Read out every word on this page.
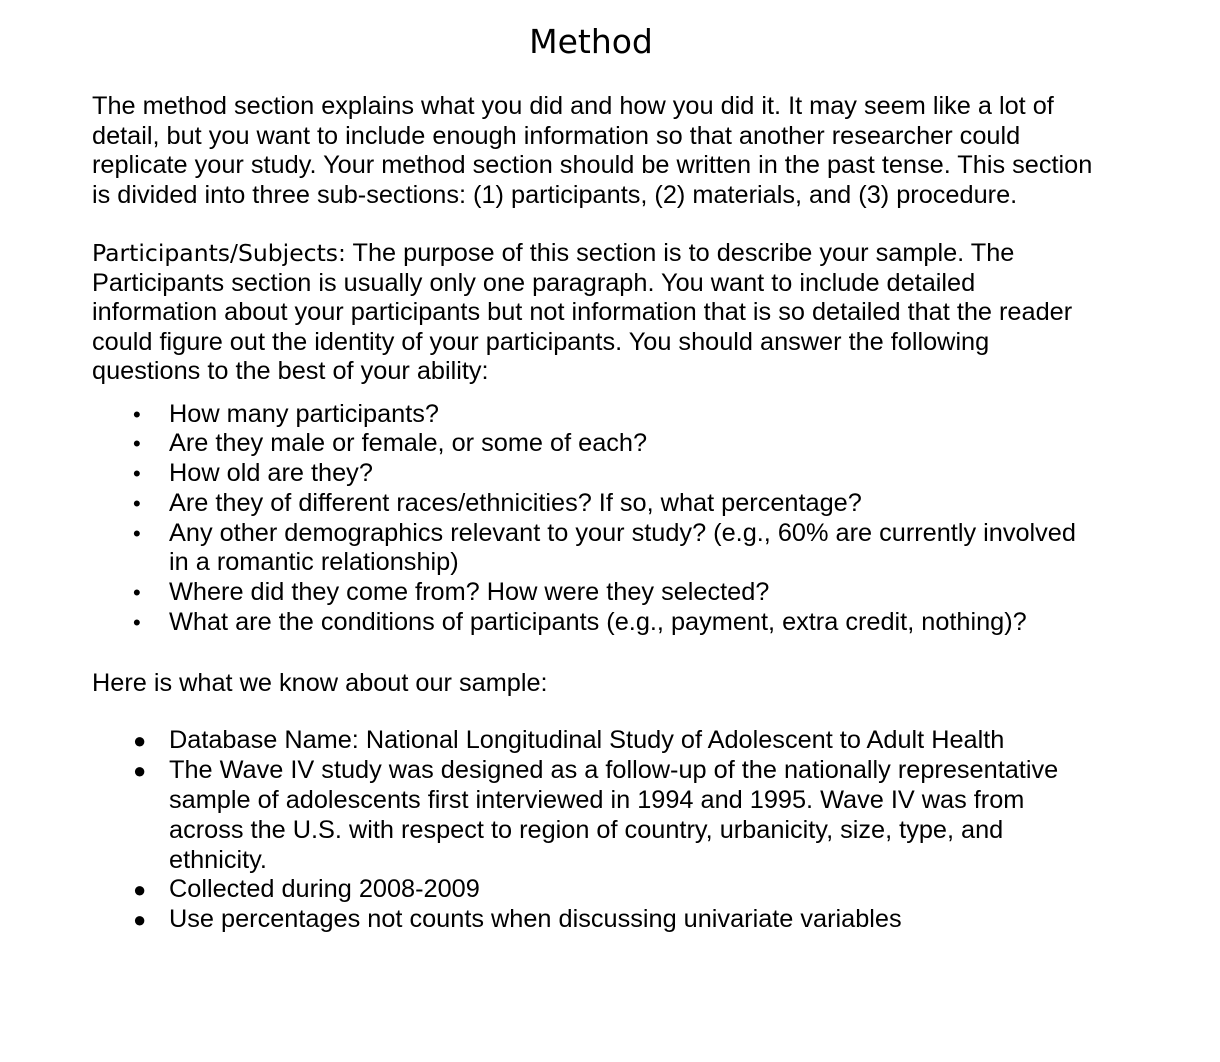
Method

The method section explains what you did and how you did it. It may seem like a lot of detail, but you want to include enough information so that another researcher could replicate your study. Your method section should be written in the past tense. This section is divided into three sub-sections: (1) participants, (2) materials, and (3) procedure.

Participants/Subjects: The purpose of this section is to describe your sample. The Participants section is usually only one paragraph. You want to include detailed information about your participants but not information that is so detailed that the reader could figure out the identity of your participants. You should answer the following questions to the best of your ability:

• How many participants?
• Are they male or female, or some of each?
• How old are they?
• Are they of different races/ethnicities? If so, what percentage?
• Any other demographics relevant to your study? (e.g., 60% are currently involved in a romantic relationship)
• Where did they come from? How were they selected?
• What are the conditions of participants (e.g., payment, extra credit, nothing)?

Here is what we know about our sample:

● Database Name: National Longitudinal Study of Adolescent to Adult Health
● The Wave IV study was designed as a follow-up of the nationally representative sample of adolescents first interviewed in 1994 and 1995. Wave IV was from across the U.S. with respect to region of country, urbanicity, size, type, and ethnicity.
● Collected during 2008-2009
● Use percentages not counts when discussing univariate variables
